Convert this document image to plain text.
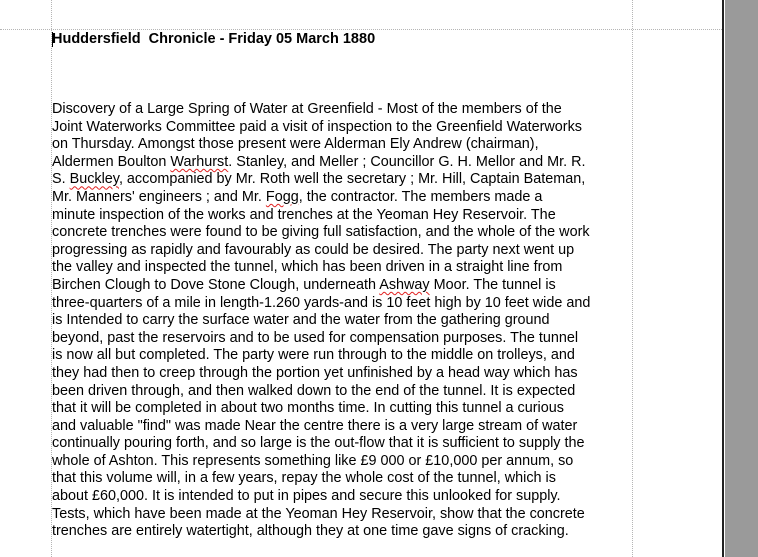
Huddersfield  Chronicle - Friday 05 March 1880
Discovery of a Large Spring of Water at Greenfield - Most of the members of the
Joint Waterworks Committee paid a visit of inspection to the Greenfield Waterworks
on Thursday. Amongst those present were Alderman Ely Andrew (chairman),
Aldermen Boulton Warhurst. Stanley, and Meller ; Councillor G. H. Mellor and Mr. R.
S. Buckley, accompanied by Mr. Roth well the secretary ; Mr. Hill, Captain Bateman,
Mr. Manners' engineers ; and Mr. Fogg, the contractor. The members made a
minute inspection of the works and trenches at the Yeoman Hey Reservoir. The
concrete trenches were found to be giving full satisfaction, and the whole of the work
progressing as rapidly and favourably as could be desired. The party next went up
the valley and inspected the tunnel, which has been driven in a straight line from
Birchen Clough to Dove Stone Clough, underneath Ashway Moor. The tunnel is
three-quarters of a mile in length-1.260 yards-and is 10 feet high by 10 feet wide and
is Intended to carry the surface water and the water from the gathering ground
beyond, past the reservoirs and to be used for compensation purposes. The tunnel
is now all but completed. The party were run through to the middle on trolleys, and
they had then to creep through the portion yet unfinished by a head way which has
been driven through, and then walked down to the end of the tunnel. It is expected
that it will be completed in about two months time. In cutting this tunnel a curious
and valuable "find" was made Near the centre there is a very large stream of water
continually pouring forth, and so large is the out-flow that it is sufficient to supply the
whole of Ashton. This represents something like £9 000 or £10,000 per annum, so
that this volume will, in a few years, repay the whole cost of the tunnel, which is
about £60,000. It is intended to put in pipes and secure this unlooked for supply.
Tests, which have been made at the Yeoman Hey Reservoir, show that the concrete
trenches are entirely watertight, although they at one time gave signs of cracking.
